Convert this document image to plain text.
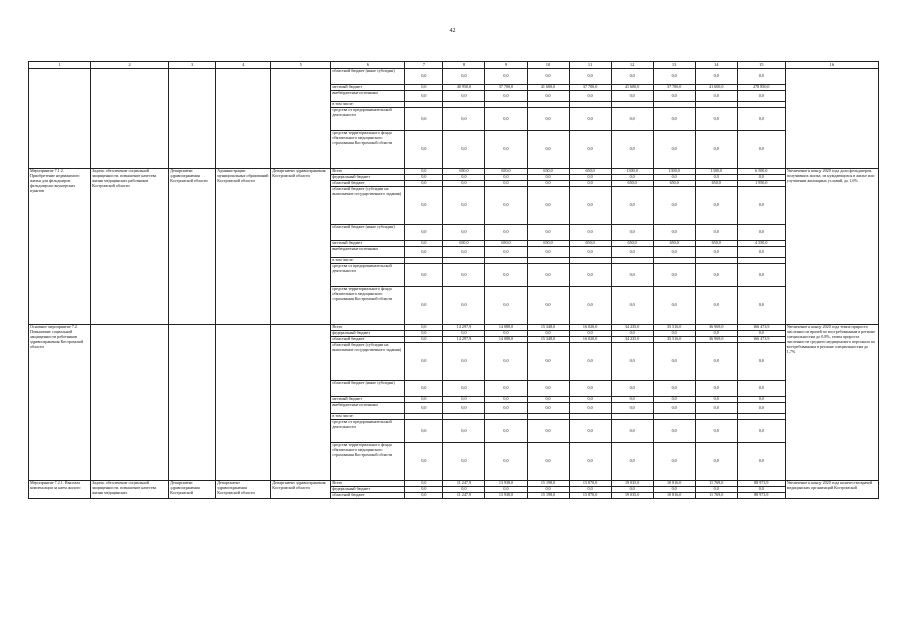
42
1	2	3	4	5	6	7	8	9	10	11	12	13	14	15	16
					областной бюджет (иные субсидии)	0,0	0,0	0,0	0,0	0,0	0,0	0,0	0,0	0,0	
					местный бюджет	0,0	40 950,0	37 700,0	41 600,0	37 700,0	41 600,0	37 700,0	41 600,0	278 850,0	
					внебюджетные источники	0,0	0,0	0,0	0,0	0,0	0,0	0,0	0,0	0,0	
					в том числе:										
					средства от предпринимательской деятельности	0,0	0,0	0,0	0,0	0,0	0,0	0,0	0,0	0,0	
					средства территориального фонда обязательного медицинского страхования Костромской области	0,0	0,0	0,0	0,0	0,0	0,0	0,0	0,0	0,0	
Мероприятие 7.1.2. Приобретение недвижимого жилья для фельдшеров фельдшерско-акушерских пунктов	Задача: обеспечение социальной защищенности, повышение качества жизни медицинских работников Костромской области	Департамент здравоохранения Костромской области	Администрации муниципальных образований Костромской области	Департамент здравоохранения Костромской области	Всего	0,0	650,0	650,0	650,0	650,0	1300,0	1300,0	1300,0	6 500,0	Увеличение к концу 2020 года доли фельдшеров, получивших жилье, из нуждающихся в жилье или улучшении жилищных условий, до 1,6%
					федеральный бюджет	0,0	0,0	0,0	0,0	0,0	0,0	0,0	0,0	0,0	
					областной бюджет	0,0	0,0	0,0	0,0	0,0	650,0	650,0	650,0	1 950,0	
					областной бюджет (субсидии на выполнение государственного задания)	0,0	0,0	0,0	0,0	0,0	0,0	0,0	0,0	0,0	
					областной бюджет (иные субсидии)	0,0	0,0	0,0	0,0	0,0	0,0	0,0	0,0	0,0	
					местный бюджет	0,0	650,0	650,0	650,0	650,0	650,0	650,0	650,0	4 550,0	
					внебюджетные источники	0,0	0,0	0,0	0,0	0,0	0,0	0,0	0,0	0,0	
					в том числе:										
					средства от предпринимательской деятельности	0,0	0,0	0,0	0,0	0,0	0,0	0,0	0,0	0,0	
					средства территориального фонда обязательного медицинского страхования Костромской области	0,0	0,0	0,0	0,0	0,0	0,0	0,0	0,0	0,0	
Основное мероприятие 7.2. Повышение социальной защищенности работников здравоохранения Костромской области					Всего	0,0	14 297,9	14 088,0	15 348,0	16 020,0	34 235,0	35 516,0	36 969,0	166 473,9	Увеличение к концу 2020 года темпа прироста численности врачей по востребованным в регионе специальностям до 0,8%, темпа прироста численности среднего медицинского персонала по востребованным в регионе специальностям до 1,7%
					федеральный бюджет	0,0	0,0	0,0	0,0	0,0	0,0	0,0	0,0	0,0	
					областной бюджет	0,0	14 297,9	14 088,0	15 348,0	16 020,0	34 235,0	35 516,0	36 969,0	166 473,9	
					областной бюджет (субсидии на выполнение государственного задания)	0,0	0,0	0,0	0,0	0,0	0,0	0,0	0,0	0,0	
					областной бюджет (иные субсидии)	0,0	0,0	0,0	0,0	0,0	0,0	0,0	0,0	0,0	
					местный бюджет	0,0	0,0	0,0	0,0	0,0	0,0	0,0	0,0	0,0	
					внебюджетные источники	0,0	0,0	0,0	0,0	0,0	0,0	0,0	0,0	0,0	
					в том числе:										
					средства от предпринимательской деятельности	0,0	0,0	0,0	0,0	0,0	0,0	0,0	0,0	0,0	
					средства территориального фонда обязательного медицинского страхования Костромской области	0,0	0,0	0,0	0,0	0,0	0,0	0,0	0,0	0,0	
Мероприятие 7.2.1. Выплата компенсации за наем жилого	Задача: обеспечение социальной защищенности, повышение качества жизни медицинских	Департамент здравоохранения Костромской	Департамент здравоохранения Костромской области	Департамент здравоохранения Костромской области	Всего	0,0	11 247,9	13 938,0	15 198,0	15 870,0	19 035,0	10 816,0	11 769,0	88 973,9	Увеличение к концу 2020 года количества врачей медицинских организаций Костромской
					федеральный бюджет	0,0	0,0	0,0	0,0	0,0	0,0	0,0	0,0	0,0	
					областной бюджет	0,0	11 247,9	13 938,0	15 198,0	15 870,0	19 035,0	10 816,0	11 769,0	88 973,9	
